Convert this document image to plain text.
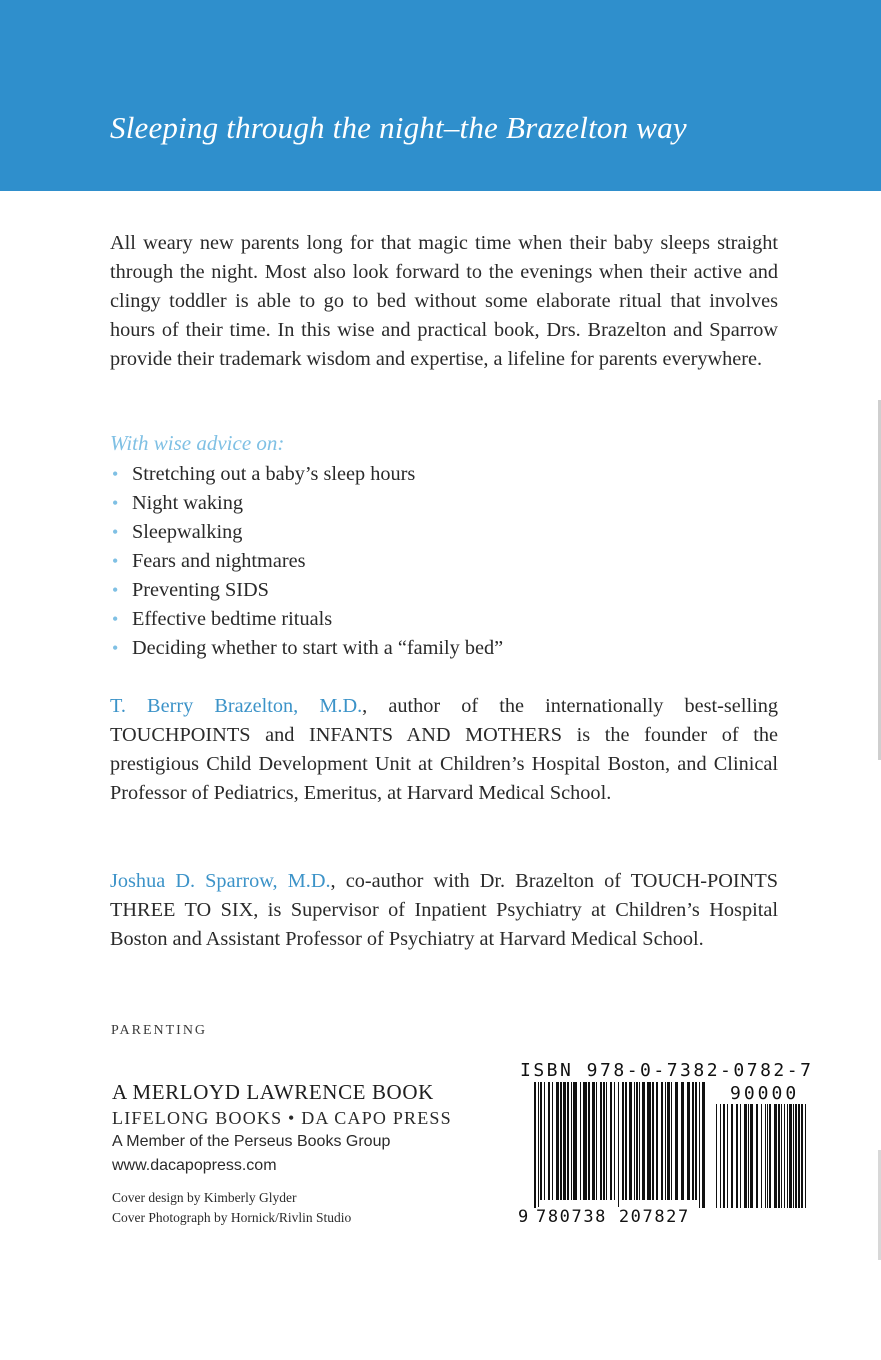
Sleeping through the night–the Brazelton way

All weary new parents long for that magic time when their baby sleeps straight through the night. Most also look forward to the evenings when their active and clingy toddler is able to go to bed without some elaborate ritual that involves hours of their time. In this wise and practical book, Drs. Brazelton and Sparrow provide their trademark wisdom and expertise, a lifeline for parents everywhere.

With wise advice on:

• Stretching out a baby’s sleep hours
• Night waking
• Sleepwalking
• Fears and nightmares
• Preventing SIDS
• Effective bedtime rituals
• Deciding whether to start with a “family bed”

T. Berry Brazelton, M.D., author of the internationally best-selling TOUCHPOINTS and INFANTS AND MOTHERS is the founder of the prestigious Child Development Unit at Children’s Hospital Boston, and Clinical Professor of Pediatrics, Emeritus, at Harvard Medical School.

Joshua D. Sparrow, M.D., co-author with Dr. Brazelton of TOUCH-POINTS THREE TO SIX, is Supervisor of Inpatient Psychiatry at Children’s Hospital Boston and Assistant Professor of Psychiatry at Harvard Medical School.

PARENTING

A MERLOYD LAWRENCE BOOK
LIFELONG BOOKS • DA CAPO PRESS
A Member of the Perseus Books Group
www.dacapopress.com
Cover design by Kimberly Glyder
Cover Photograph by Hornick/Rivlin Studio
ISBN 978-0-7382-0782-7
90000
9 780738 207827
